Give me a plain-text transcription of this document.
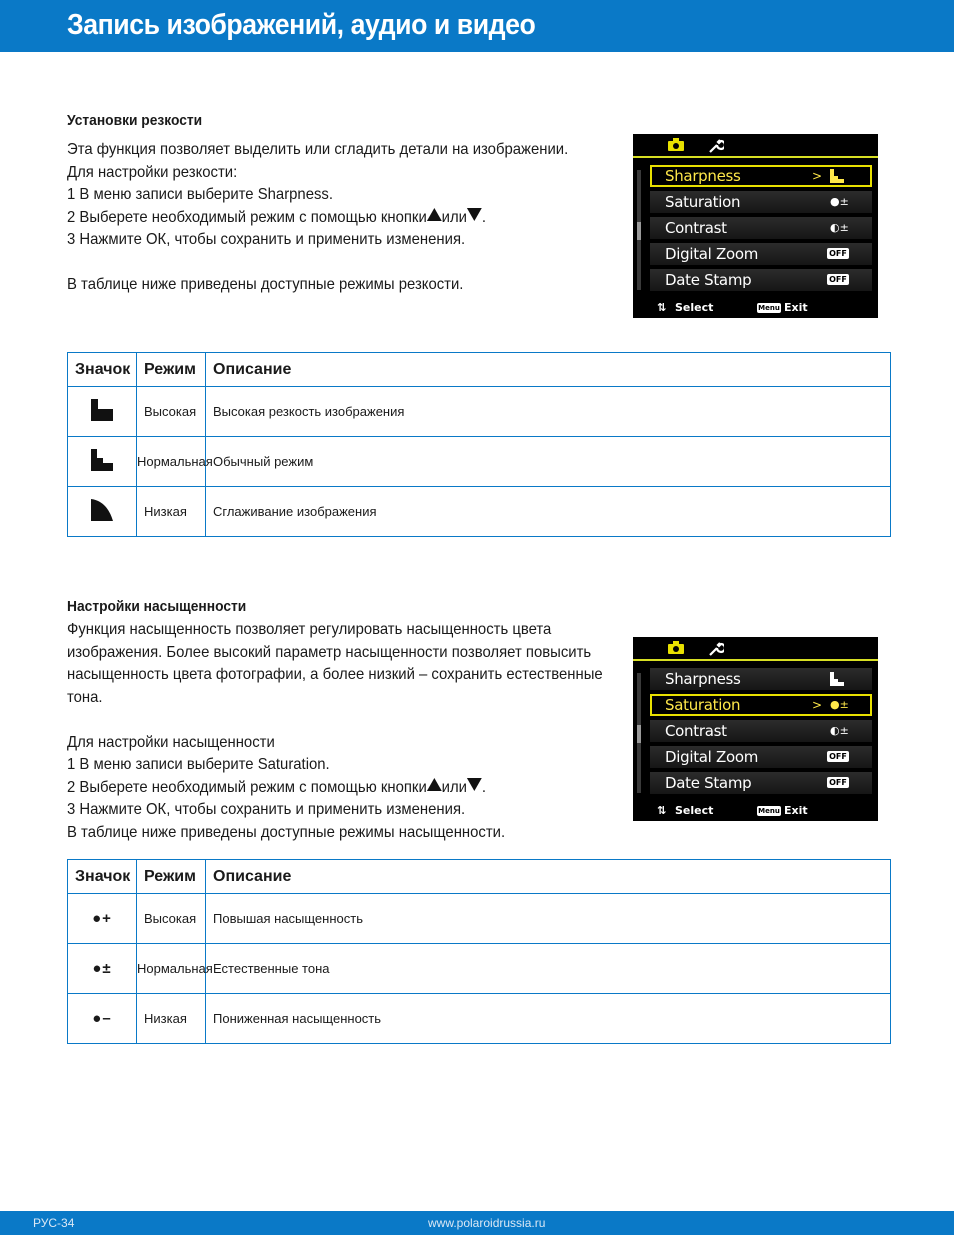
Запись изображений, аудио и видео
Установки резкости
Эта функция позволяет выделить или сгладить детали на изображении.
Для настройки резкости:
1 В меню записи выберите Sharpness.
2 Выберете необходимый режим с помощью кнопки или .
3 Нажмите ОК, чтобы сохранить и применить изменения.
В таблице ниже приведены доступные режимы резкости.
Sharpness	>
Saturation	●±
Contrast	◐±
Digital Zoom	OFF
Date Stamp	OFF
⇅ Select	Menu Exit
Значок	Режим	Описание
	Высокая	Высокая резкость изображения
	Нормальная	Обычный режим
	Низкая	Сглаживание изображения
Настройки насыщенности
Функция насыщенность позволяет регулировать насыщенность цвета
изображения. Более высокий параметр насыщенности позволяет повысить
насыщенность цвета фотографии, а более низкий – сохранить естественные
тона.
Для настройки насыщенности
1 В меню записи выберите Saturation.
2 Выберете необходимый режим с помощью кнопки или .
3 Нажмите ОК, чтобы сохранить и применить изменения.
В таблице ниже приведены доступные режимы насыщенности.
Sharpness
Saturation	> ●±
Contrast	◐±
Digital Zoom	OFF
Date Stamp	OFF
⇅ Select	Menu Exit
Значок	Режим	Описание
●+	Высокая	Повышая насыщенность
●±	Нормальная	Естественные тона
●–	Низкая	Пониженная насыщенность
РУС-34	www.polaroidrussia.ru
